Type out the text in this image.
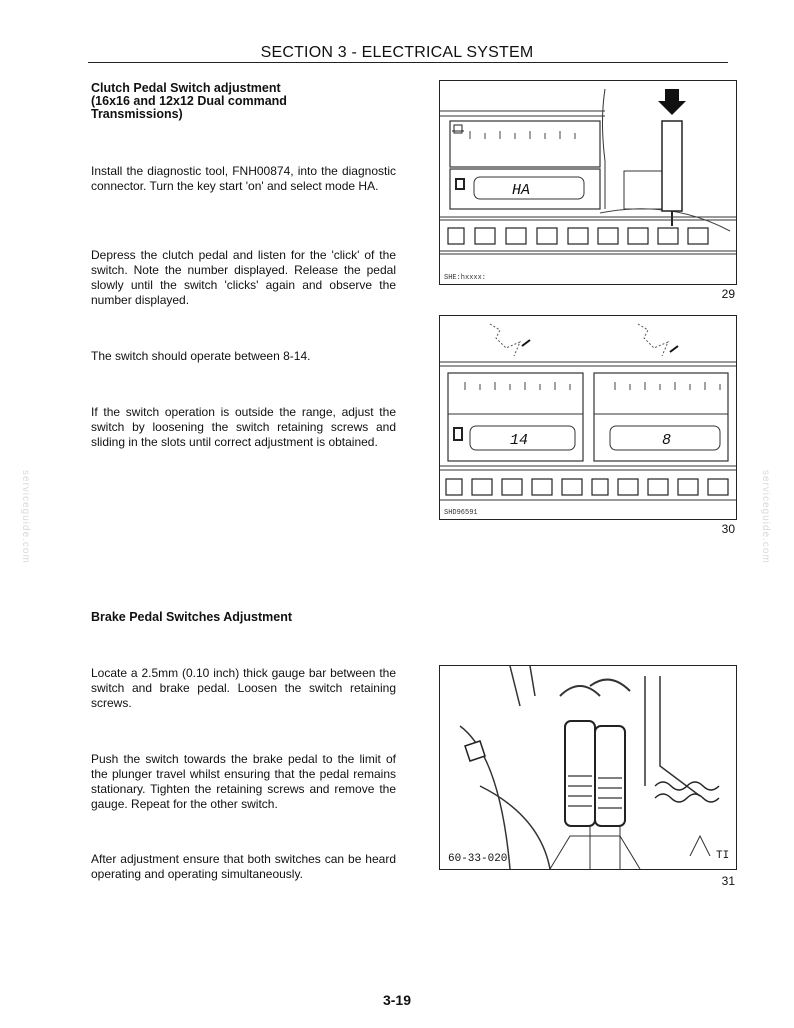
SECTION 3 - ELECTRICAL SYSTEM
Clutch Pedal Switch adjustment
(16x16 and 12x12 Dual command
Transmissions)
Install the diagnostic tool, FNH00874, into the diagnostic connector. Turn the key start 'on' and select mode HA.
Depress the clutch pedal and listen for the 'click' of the switch. Note the number displayed. Release the pedal slowly until the switch 'clicks' again and observe the number displayed.
The switch should operate between 8-14.
If the switch operation is outside the range, adjust the switch by loosening the switch retaining screws and sliding in the slots until correct adjustment is obtained.
Brake Pedal Switches Adjustment
Locate a 2.5mm (0.10 inch) thick gauge bar between the switch and brake pedal. Loosen the switch retaining screws.
Push the switch towards the brake pedal to the limit of the plunger travel whilst ensuring that the pedal remains stationary. Tighten the retaining screws and remove the gauge. Repeat for the other switch.
After adjustment ensure that both switches can be heard operating and operating simultaneously.
HA
SHE:hxxxx:
29
14	8
SHD96591
30
60-33-020	TI
31
serviceguide.com	serviceguide.com
3-19
